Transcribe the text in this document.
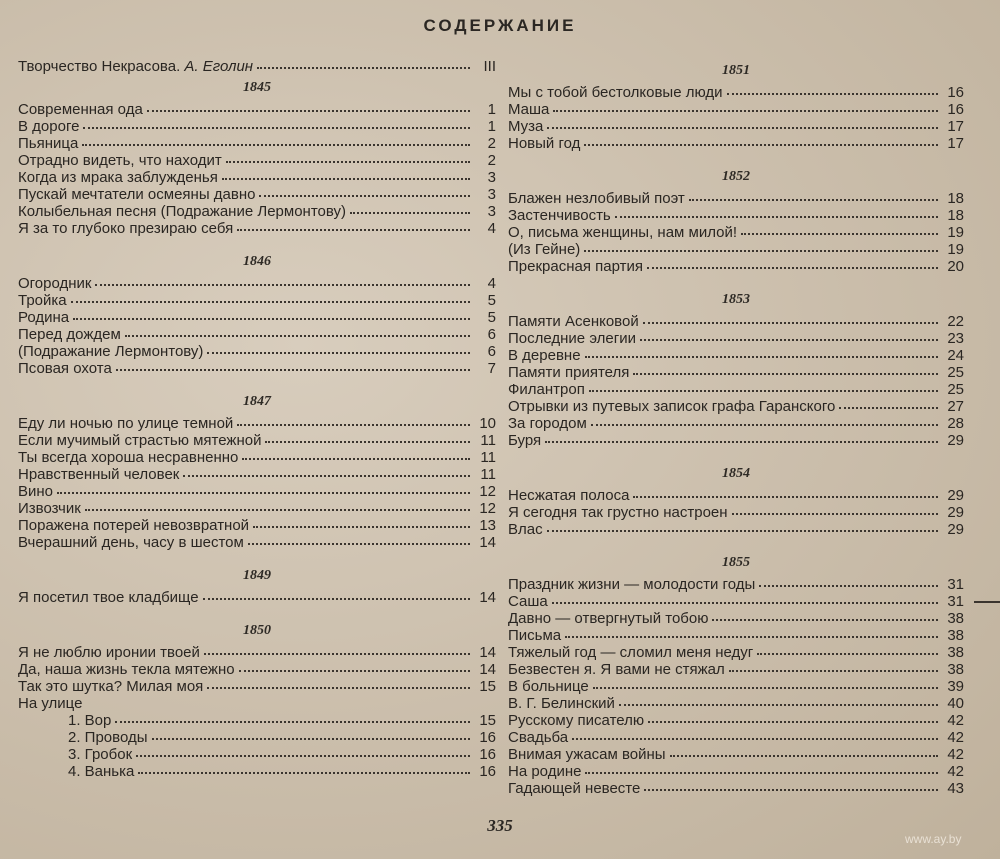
СОДЕРЖАНИЕ
Творчество Некрасова. А. Еголин	III
1845
Современная ода	1
В дороге	1
Пьяница	2
Отрадно видеть, что находит	2
Когда из мрака заблужденья	3
Пускай мечтатели осмеяны давно	3
Колыбельная песня (Подражание Лермонтову)	3
Я за то глубоко презираю себя	4
1846
Огородник	4
Тройка	5
Родина	5
Перед дождем	6
(Подражание Лермонтову)	6
Псовая охота	7
1847
Еду ли ночью по улице темной	10
Если мучимый страстью мятежной	11
Ты всегда хороша несравненно	11
Нравственный человек	11
Вино	12
Извозчик	12
Поражена потерей невозвратной	13
Вчерашний день, часу в шестом	14
1849
Я посетил твое кладбище	14
1850
Я не люблю иронии твоей	14
Да, наша жизнь текла мятежно	14
Так это шутка? Милая моя	15
На улице
1. Вор	15
2. Проводы	16
3. Гробок	16
4. Ванька	16
1851
Мы с тобой бестолковые люди	16
Маша	16
Муза	17
Новый год	17
1852
Блажен незлобивый поэт	18
Застенчивость	18
О, письма женщины, нам милой!	19
(Из Гейне)	19
Прекрасная партия	20
1853
Памяти Асенковой	22
Последние элегии	23
В деревне	24
Памяти приятеля	25
Филантроп	25
Отрывки из путевых записок графа Гаранского	27
За городом	28
Буря	29
1854
Несжатая полоса	29
Я сегодня так грустно настроен	29
Влас	29
1855
Праздник жизни — молодости годы	31
Саша	31
Давно — отвергнутый тобою	38
Письма	38
Тяжелый год — сломил меня недуг	38
Безвестен я. Я вами не стяжал	38
В больнице	39
В. Г. Белинский	40
Русскому писателю	42
Свадьба	42
Внимая ужасам войны	42
На родине	42
Гадающей невесте	43
335
www.ay.by
